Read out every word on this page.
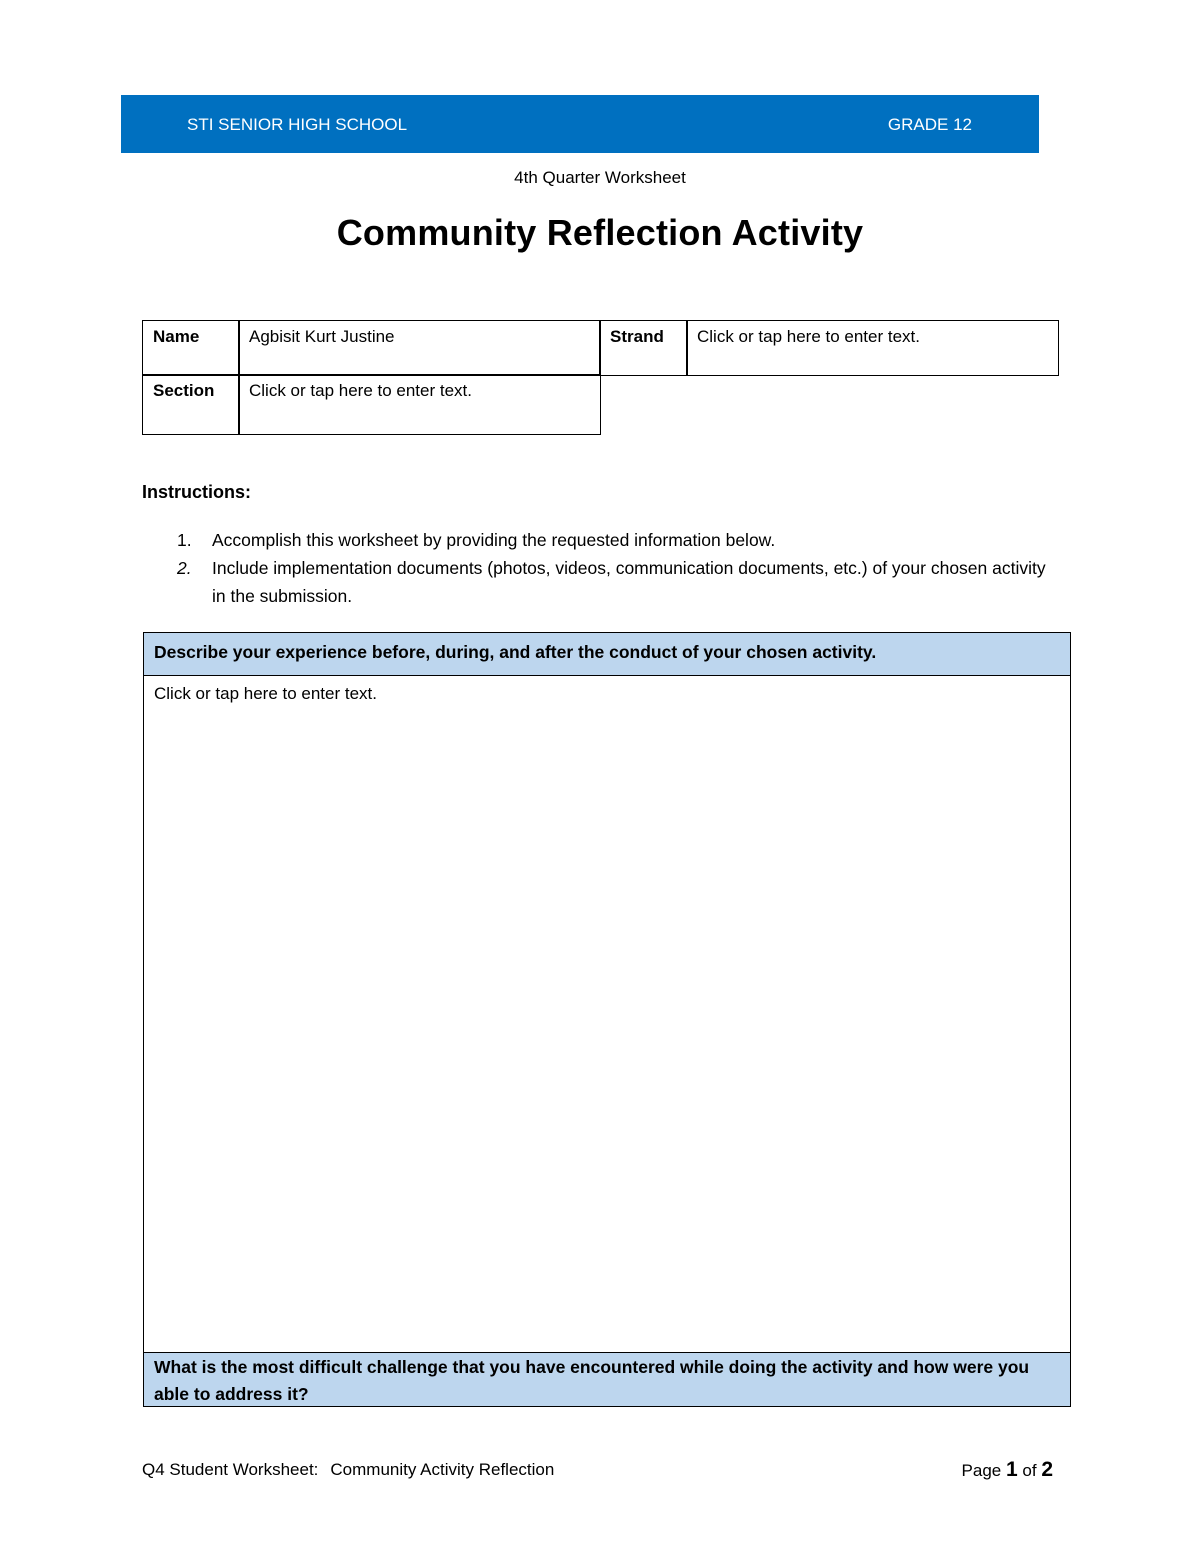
STI SENIOR HIGH SCHOOL	GRADE 12
4th Quarter Worksheet
Community Reflection Activity
Name	Agbisit Kurt Justine	Strand	Click or tap here to enter text.
Section	Click or tap here to enter text.
Instructions:
1. Accomplish this worksheet by providing the requested information below.
2. Include implementation documents (photos, videos, communication documents, etc.) of your chosen activity in the submission.
Describe your experience before, during, and after the conduct of your chosen activity.
Click or tap here to enter text.
What is the most difficult challenge that you have encountered while doing the activity and how were you able to address it?
Q4 Student Worksheet: Community Activity Reflection	Page 1 of 2
